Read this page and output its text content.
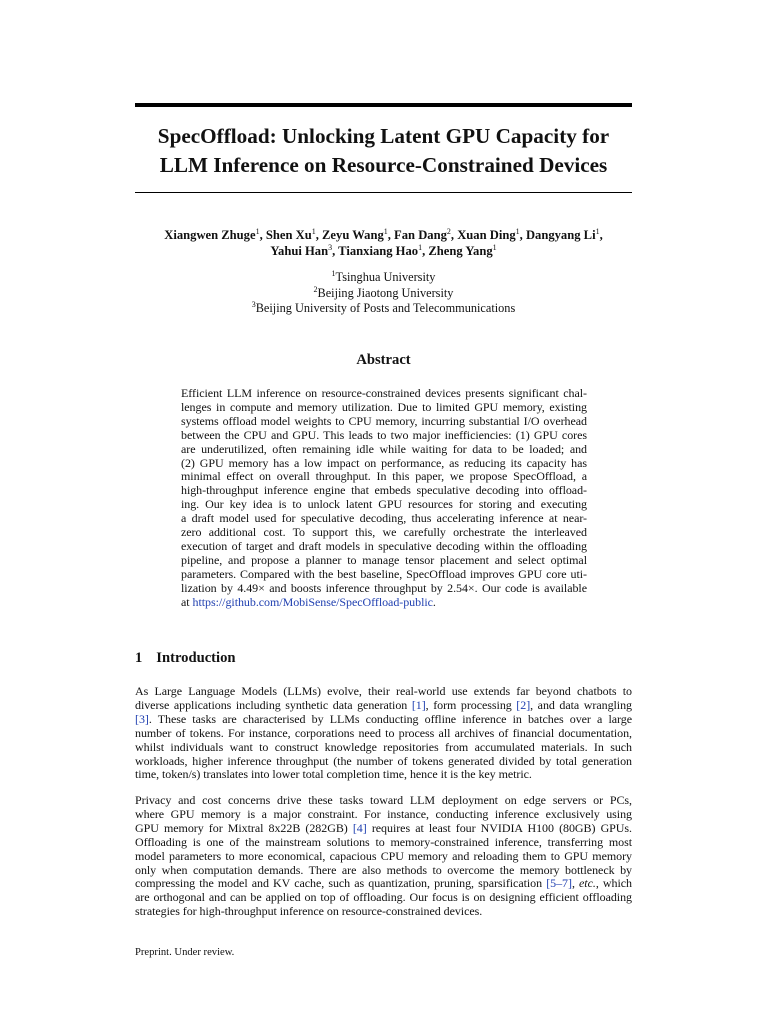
SpecOffload: Unlocking Latent GPU Capacity for
LLM Inference on Resource-Constrained Devices
Xiangwen Zhuge$^1$, Shen Xu$^1$, Zeyu Wang$^1$, Fan Dang$^2$, Xuan Ding$^1$, Dangyang Li$^1$,
Yahui Han$^3$, Tianxiang Hao$^1$, Zheng Yang$^1$
$^1$Tsinghua University
$^2$Beijing Jiaotong University
$^3$Beijing University of Posts and Telecommunications
Abstract
Efficient LLM inference on resource-constrained devices presents significant chal-
lenges in compute and memory utilization. Due to limited GPU memory, existing
systems offload model weights to CPU memory, incurring substantial I/O overhead
between the CPU and GPU. This leads to two major inefficiencies: (1) GPU cores
are underutilized, often remaining idle while waiting for data to be loaded; and
(2) GPU memory has a low impact on performance, as reducing its capacity has
minimal effect on overall throughput. In this paper, we propose SpecOffload, a
high-throughput inference engine that embeds speculative decoding into offload-
ing. Our key idea is to unlock latent GPU resources for storing and executing
a draft model used for speculative decoding, thus accelerating inference at near-
zero additional cost. To support this, we carefully orchestrate the interleaved
execution of target and draft models in speculative decoding within the offloading
pipeline, and propose a planner to manage tensor placement and select optimal
parameters. Compared with the best baseline, SpecOffload improves GPU core uti-
lization by 4.49× and boosts inference throughput by 2.54×. Our code is available
at https://github.com/MobiSense/SpecOffload-public.
1 Introduction
As Large Language Models (LLMs) evolve, their real-world use extends far beyond chatbots to
diverse applications including synthetic data generation [1], form processing [2], and data wrangling
[3]. These tasks are characterised by LLMs conducting offline inference in batches over a large
number of tokens. For instance, corporations need to process all archives of financial documentation,
whilst individuals want to construct knowledge repositories from accumulated materials. In such
workloads, higher inference throughput (the number of tokens generated divided by total generation
time, token/s) translates into lower total completion time, hence it is the key metric.
Privacy and cost concerns drive these tasks toward LLM deployment on edge servers or PCs,
where GPU memory is a major constraint. For instance, conducting inference exclusively using
GPU memory for Mixtral 8x22B (282GB) [4] requires at least four NVIDIA H100 (80GB) GPUs.
Offloading is one of the mainstream solutions to memory-constrained inference, transferring most
model parameters to more economical, capacious CPU memory and reloading them to GPU memory
only when computation demands. There are also methods to overcome the memory bottleneck by
compressing the model and KV cache, such as quantization, pruning, sparsification [5–7], etc., which
are orthogonal and can be applied on top of offloading. Our focus is on designing efficient offloading
strategies for high-throughput inference on resource-constrained devices.
Preprint. Under review.
